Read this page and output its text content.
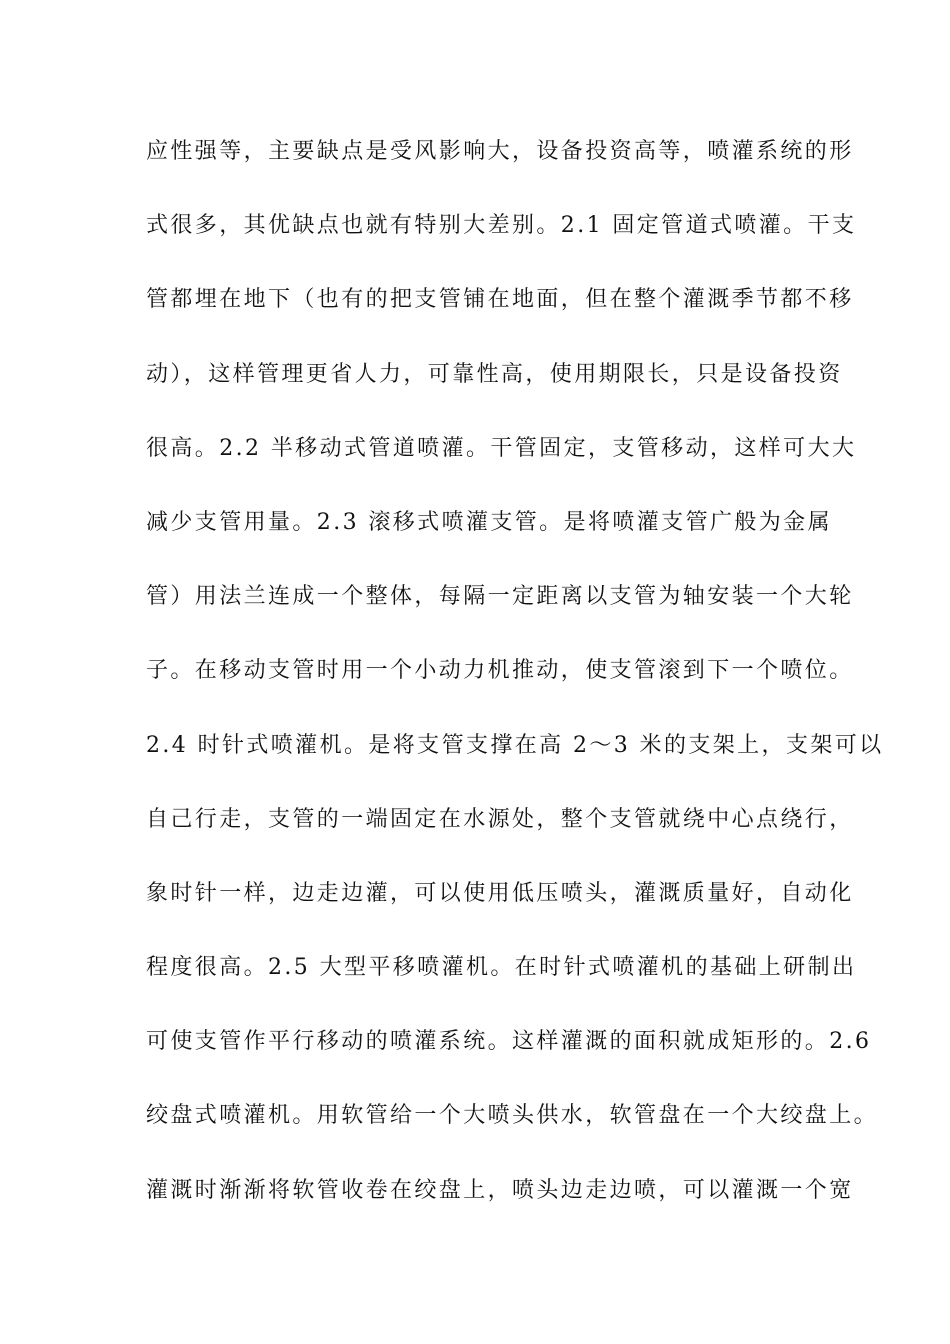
应性强等，主要缺点是受风影响大，设备投资高等，喷灌系统的形
式很多，其优缺点也就有特别大差别。2.1 固定管道式喷灌。干支
管都埋在地下（也有的把支管铺在地面，但在整个灌溉季节都不移
动），这样管理更省人力，可靠性高，使用期限长，只是设备投资
很高。2.2 半移动式管道喷灌。干管固定，支管移动，这样可大大
减少支管用量。2.3 滚移式喷灌支管。是将喷灌支管广般为金属
管）用法兰连成一个整体，每隔一定距离以支管为轴安装一个大轮
子。在移动支管时用一个小动力机推动，使支管滚到下一个喷位。
2.4 时针式喷灌机。是将支管支撑在高 2～3 米的支架上，支架可以
自己行走，支管的一端固定在水源处，整个支管就绕中心点绕行，
象时针一样，边走边灌，可以使用低压喷头，灌溉质量好，自动化
程度很高。2.5 大型平移喷灌机。在时针式喷灌机的基础上研制出
可使支管作平行移动的喷灌系统。这样灌溉的面积就成矩形的。2.6
绞盘式喷灌机。用软管给一个大喷头供水，软管盘在一个大绞盘上。
灌溉时渐渐将软管收卷在绞盘上，喷头边走边喷，可以灌溉一个宽
